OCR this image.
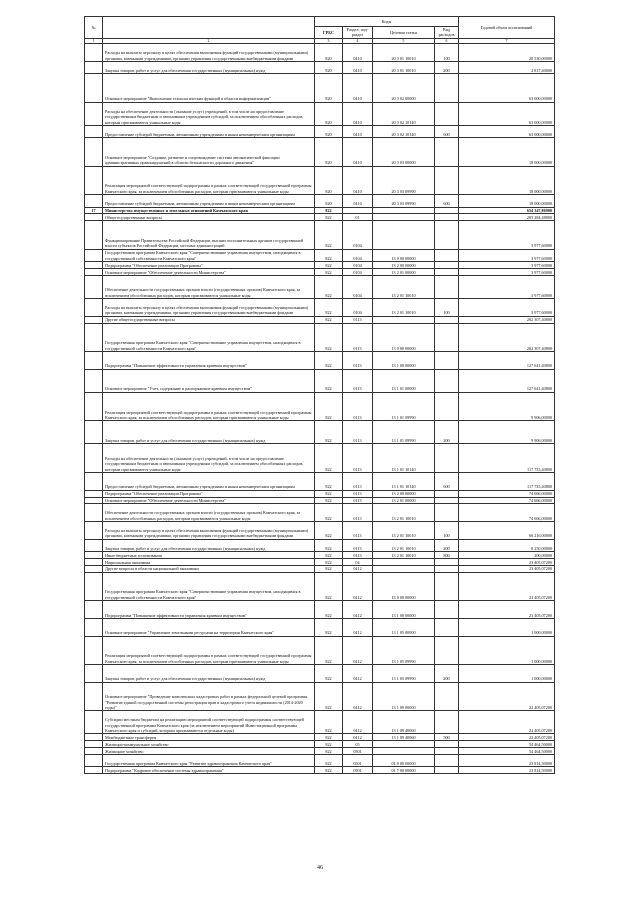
№		Коды				Годовой объем ассигнований
		ГРБС	Раздел, под-раздел	Целевая статья	Вид расходов	
1	2	3	4	5	6	7
	Расходы на выплаты персоналу в целях обеспечения выполнения функций государственными (муниципальными) органами, казенными учреждениями, органами управления государственными внебюджетными фондами	820	0410	20 3 01 10010	100	20 530,00000
	Закупка товаров, работ и услуг для обеспечения государственных (муниципальных) нужд	820	0410	20 3 01 10010	200	2 817,40000
	Основное мероприятие "Выполнение технологических функций в области информатизации"	820	0410	20 3 02 00000		63 000,00000
	Расходы на обеспечение деятельности (оказание услуг) учреждений, в том числе на предоставление государственным бюджетным и автономным учреждениям субсидий, за исключением обособленных расходов, которым присваиваются уникальные коды	820	0410	20 3 02 10140		63 000,00000
	Предоставление субсидий бюджетным, автономным учреждениям и иным некоммерческим организациям	820	0410	20 3 02 10140	600	63 000,00000
	Основное мероприятие "Создание, развитие и сопровождение системы автоматической фиксации административных правонарушений в области безопасности дорожного движения"	820	0410	20 3 03 00000		18 000,00000
	Реализация мероприятий соответствующей подпрограммы в рамках соответствующей государственной программы Камчатского края, за исключением обособленных расходов, которым присваиваются уникальные коды	820	0410	20 3 03 09990		18 000,00000
	Предоставление субсидий бюджетным, автономным учреждениям и иным некоммерческим организациям	820	0410	20 3 03 09990	600	18 000,00000
17	Министерство имущественных и земельных отношений Камчатского края	822				654 347,86900
	Общегосударственные вопросы	822	01			205 284,48800
	Функционирование Правительства Российской Федерации, высших исполнительных органов государственной власти субъектов Российской Федерации, местных администраций	822	0104			3 977,60000
	Государственная программа Камчатского края "Совершенствование управления имуществом, находящимся в государственной собственности Камчатского края"	822	0104	13 0 00 00000		3 977,60000
	Подпрограмма "Обеспечение реализации Программы"	822	0104	13 2 00 00000		3 977,60000
	Основное мероприятие "Обеспечение деятельности Министерства"	822	0104	13 2 01 00000		3 977,60000
	Обеспечение деятельности государственных органов власти (государственных органов) Камчатского края, за исключением обособленных расходов, которым присваиваются уникальные коды	822	0104	13 2 01 10010		3 977,60000
	Расходы на выплаты персоналу в целях обеспечения выполнения функций государственными (муниципальными) органами, казенными учреждениями, органами управления государственными внебюджетными фондами	822	0104	13 2 01 10010	100	3 977,60000
	Другие общегосударственные вопросы	822	0113			202 307,40800
	Государственная программа Камчатского края "Совершенствование управления имуществом, находящимся в государственной собственности Камчатского края"	822	0113	13 0 00 00000		202 307,40800
	Подпрограмма "Повышение эффективности управления краевым имуществом"	822	0113	13 1 00 00000		127 641,40800
	Основное мероприятие "Учет, содержание и распоряжение краевым имуществом"	822	0113	13 1 01 00000		127 641,40800
	Реализация мероприятий соответствующей подпрограммы в рамках соответствующей государственной программы Камчатского края, за исключением обособленных расходов, которым присваиваются уникальные коды	822	0113	13 1 01 09990		9 906,00000
	Закупка товаров, работ и услуг для обеспечения государственных (муниципальных) нужд	822	0113	13 1 01 09990	200	9 906,00000
	Расходы на обеспечение деятельности (оказание услуг) учреждений, в том числе на предоставление государственным бюджетным и автономным учреждениям субсидий, за исключением обособленных расходов, которым присваиваются уникальные коды	822	0113	13 1 01 10140		117 735,40800
	Предоставление субсидий бюджетным, автономным учреждениям и иным некоммерческим организациям	822	0113	13 1 01 10140	600	117 735,40800
	Подпрограмма "Обеспечение реализации Программы"	822	0113	13 2 00 00000		74 666,00000
	Основное мероприятие "Обеспечение деятельности Министерства"	822	0113	13 2 01 00000		74 666,00000
	Обеспечение деятельности государственных органов власти (государственных органов) Камчатского края, за исключением обособленных расходов, которым присваиваются уникальные коды	822	0113	13 2 01 10010		74 666,00000
	Расходы на выплаты персоналу в целях обеспечения выполнения функций государственными (муниципальными) органами, казенными учреждениями, органами управления государственными внебюджетными фондами	822	0113	13 2 01 10010	100	66 216,00000
	Закупка товаров, работ и услуг для обеспечения государственных (муниципальных) нужд	822	0113	13 2 01 10010	200	8 250,00000
	Иные бюджетные ассигнования	822	0113	13 2 01 10010	800	200,00000
	Национальная экономика	822	04			23 405,07200
	Другие вопросы в области национальной экономики	822	0412			23 405,07200
	Государственная программа Камчатского края "Совершенствование управления имуществом, находящимся в государственной собственности Камчатского края"	822	0412	13 0 00 00000		23 405,07200
	Подпрограмма "Повышение эффективности управления краевым имуществом"	822	0412	13 1 00 00000		23 405,07200
	Основное мероприятие "Управление земельными ресурсами на территории Камчатского края"	822	0412	13 1 05 00000		1 000,00000
	Реализация мероприятий соответствующей подпрограммы в рамках соответствующей государственной программы Камчатского края, за исключением обособленных расходов, которым присваиваются уникальные коды	822	0412	13 1 05 09990		1 000,00000
	Закупка товаров, работ и услуг для обеспечения государственных (муниципальных) нужд	822	0412	13 1 05 09990	200	1 000,00000
	Основное мероприятие "Проведение комплексных кадастровых работ в рамках федеральной целевой программы "Развитие единой государственной системы регистрации прав и кадастрового учета недвижимости (2014-2020 годы)"	822	0412	13 1 09 00000		22 405,07200
	Субсидии местным бюджетам на реализацию мероприятий соответствующей подпрограммы соответствующей государственной программы Камчатского края (за исключением мероприятий Инвестиционной программы Камчатского края и субсидий, которым присваиваются отдельные коды)	822	0412	13 1 09 40060		22 405,07200
	Межбюджетные трансферты	822	0412	13 1 09 40060	500	22 405,07200
	Жилищно-коммунальное хозяйство	822	05			54 464,50000
	Жилищное хозяйство	822	0501			54 464,50000
	Государственная программа Камчатского края "Развитие здравоохранения Камчатского края"	822	0501	01 0 00 00000		23 814,50000
	Подпрограмма "Кадровое обеспечение системы здравоохранения"	822	0501	01 7 00 00000		23 814,50000
46
